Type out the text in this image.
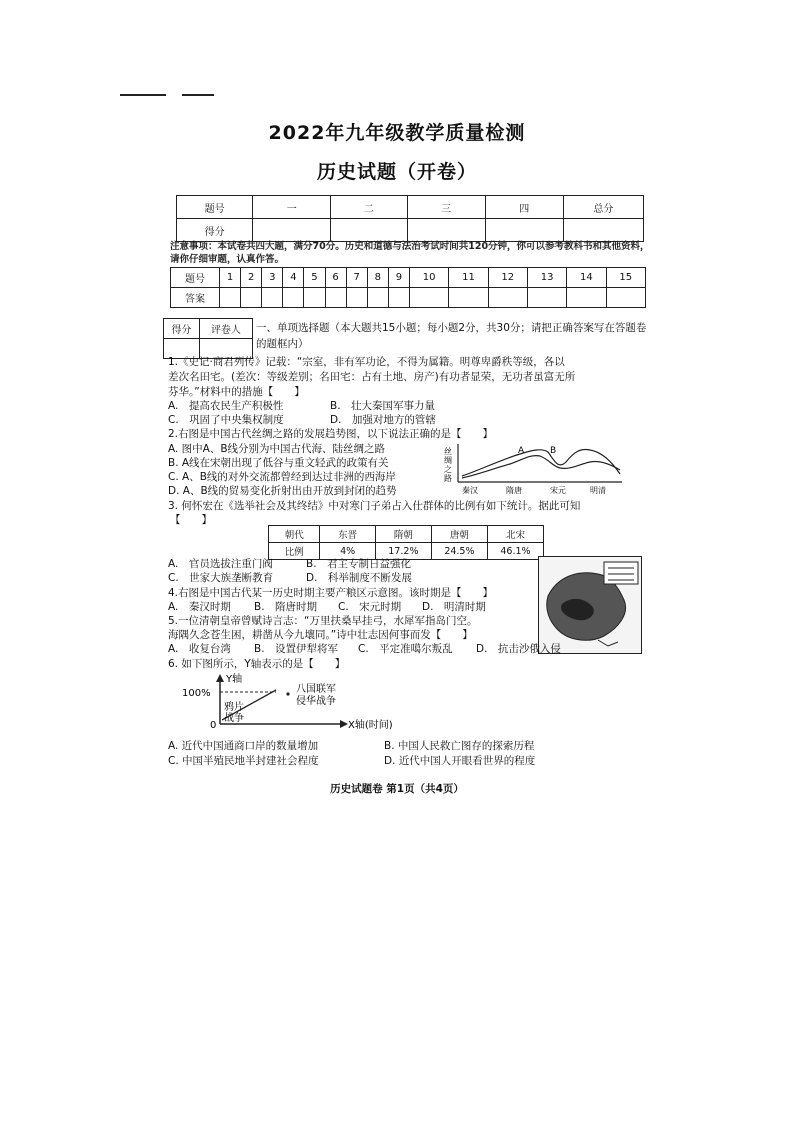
2022年九年级教学质量检测
历史试题（开卷）
题号	一	二	三	四	总分
得分					
注意事项：本试卷共四大题，满分70分。历史和道德与法治考试时间共120分钟，你可以参考教科书和其他资料，请你仔细审题，认真作答。
题号	1	2	3	4	5	6	7	8	9	10	11	12	13	14	15
答案															
得分	评卷人
	一、单项选择题（本大题共15小题；每小题2分，共30分；请把正确答案写在答题卷的题框内）
1.《史记·商君列传》记载：“宗室，非有军功论，不得为属籍。明尊卑爵秩等级，各以
差次名田宅。(差次：等级差别；名田宅：占有土地、房产)有功者显荣，无功者虽富无所
芬华。”材料中的措施【　　】
A.　提高农民生产积极性	B.　壮大秦国军事力量
C.　巩固了中央集权制度	D.　加强对地方的管辖
2.右图是中国古代丝绸之路的发展趋势图，以下说法正确的是【　　】
A. 图中A、B线分别为中国古代海、陆丝绸之路
B. A线在宋朝出现了低谷与重文轻武的政策有关
C. A、B线的对外交流都曾经到达过非洲的西海岸
D. A、B线的贸易变化折射出由开放到封闭的趋势
丝绸之路
A	B
秦汉	隋唐	宋元	明清
3. 何怀宏在《选举社会及其终结》中对寒门子弟占入仕群体的比例有如下统计。据此可知
【　　】
朝代	东晋	隋朝	唐朝	北宋
比例	4%	17.2%	24.5%	46.1%
A.　官员选拔注重门阀	B.　君主专制日益强化
C.　世家大族垄断教育	D.　科举制度不断发展
4.右图是中国古代某一历史时期主要产粮区示意图。该时期是【　　】
A.　秦汉时期 B.　隋唐时期 C.　宋元时期 D.　明清时期
5.一位清朝皇帝曾赋诗言志：“万里扶桑早挂弓，水犀军指岛门空。
海隅久念苍生困，耕凿从今九壤同。”诗中壮志因何事而发【　　】
A.　收复台湾 B.　设置伊犁将军 C.　平定准噶尔叛乱 D.　抗击沙俄入侵
6. 如下图所示，Y轴表示的是【　　】
Y轴
100%
0	X轴(时间)
八国联军侵华战争
鸦片战争
A. 近代中国通商口岸的数量增加	B. 中国人民救亡图存的探索历程
C. 中国半殖民地半封建社会程度	D. 近代中国人开眼看世界的程度
历史试题卷 第1页（共4页）
